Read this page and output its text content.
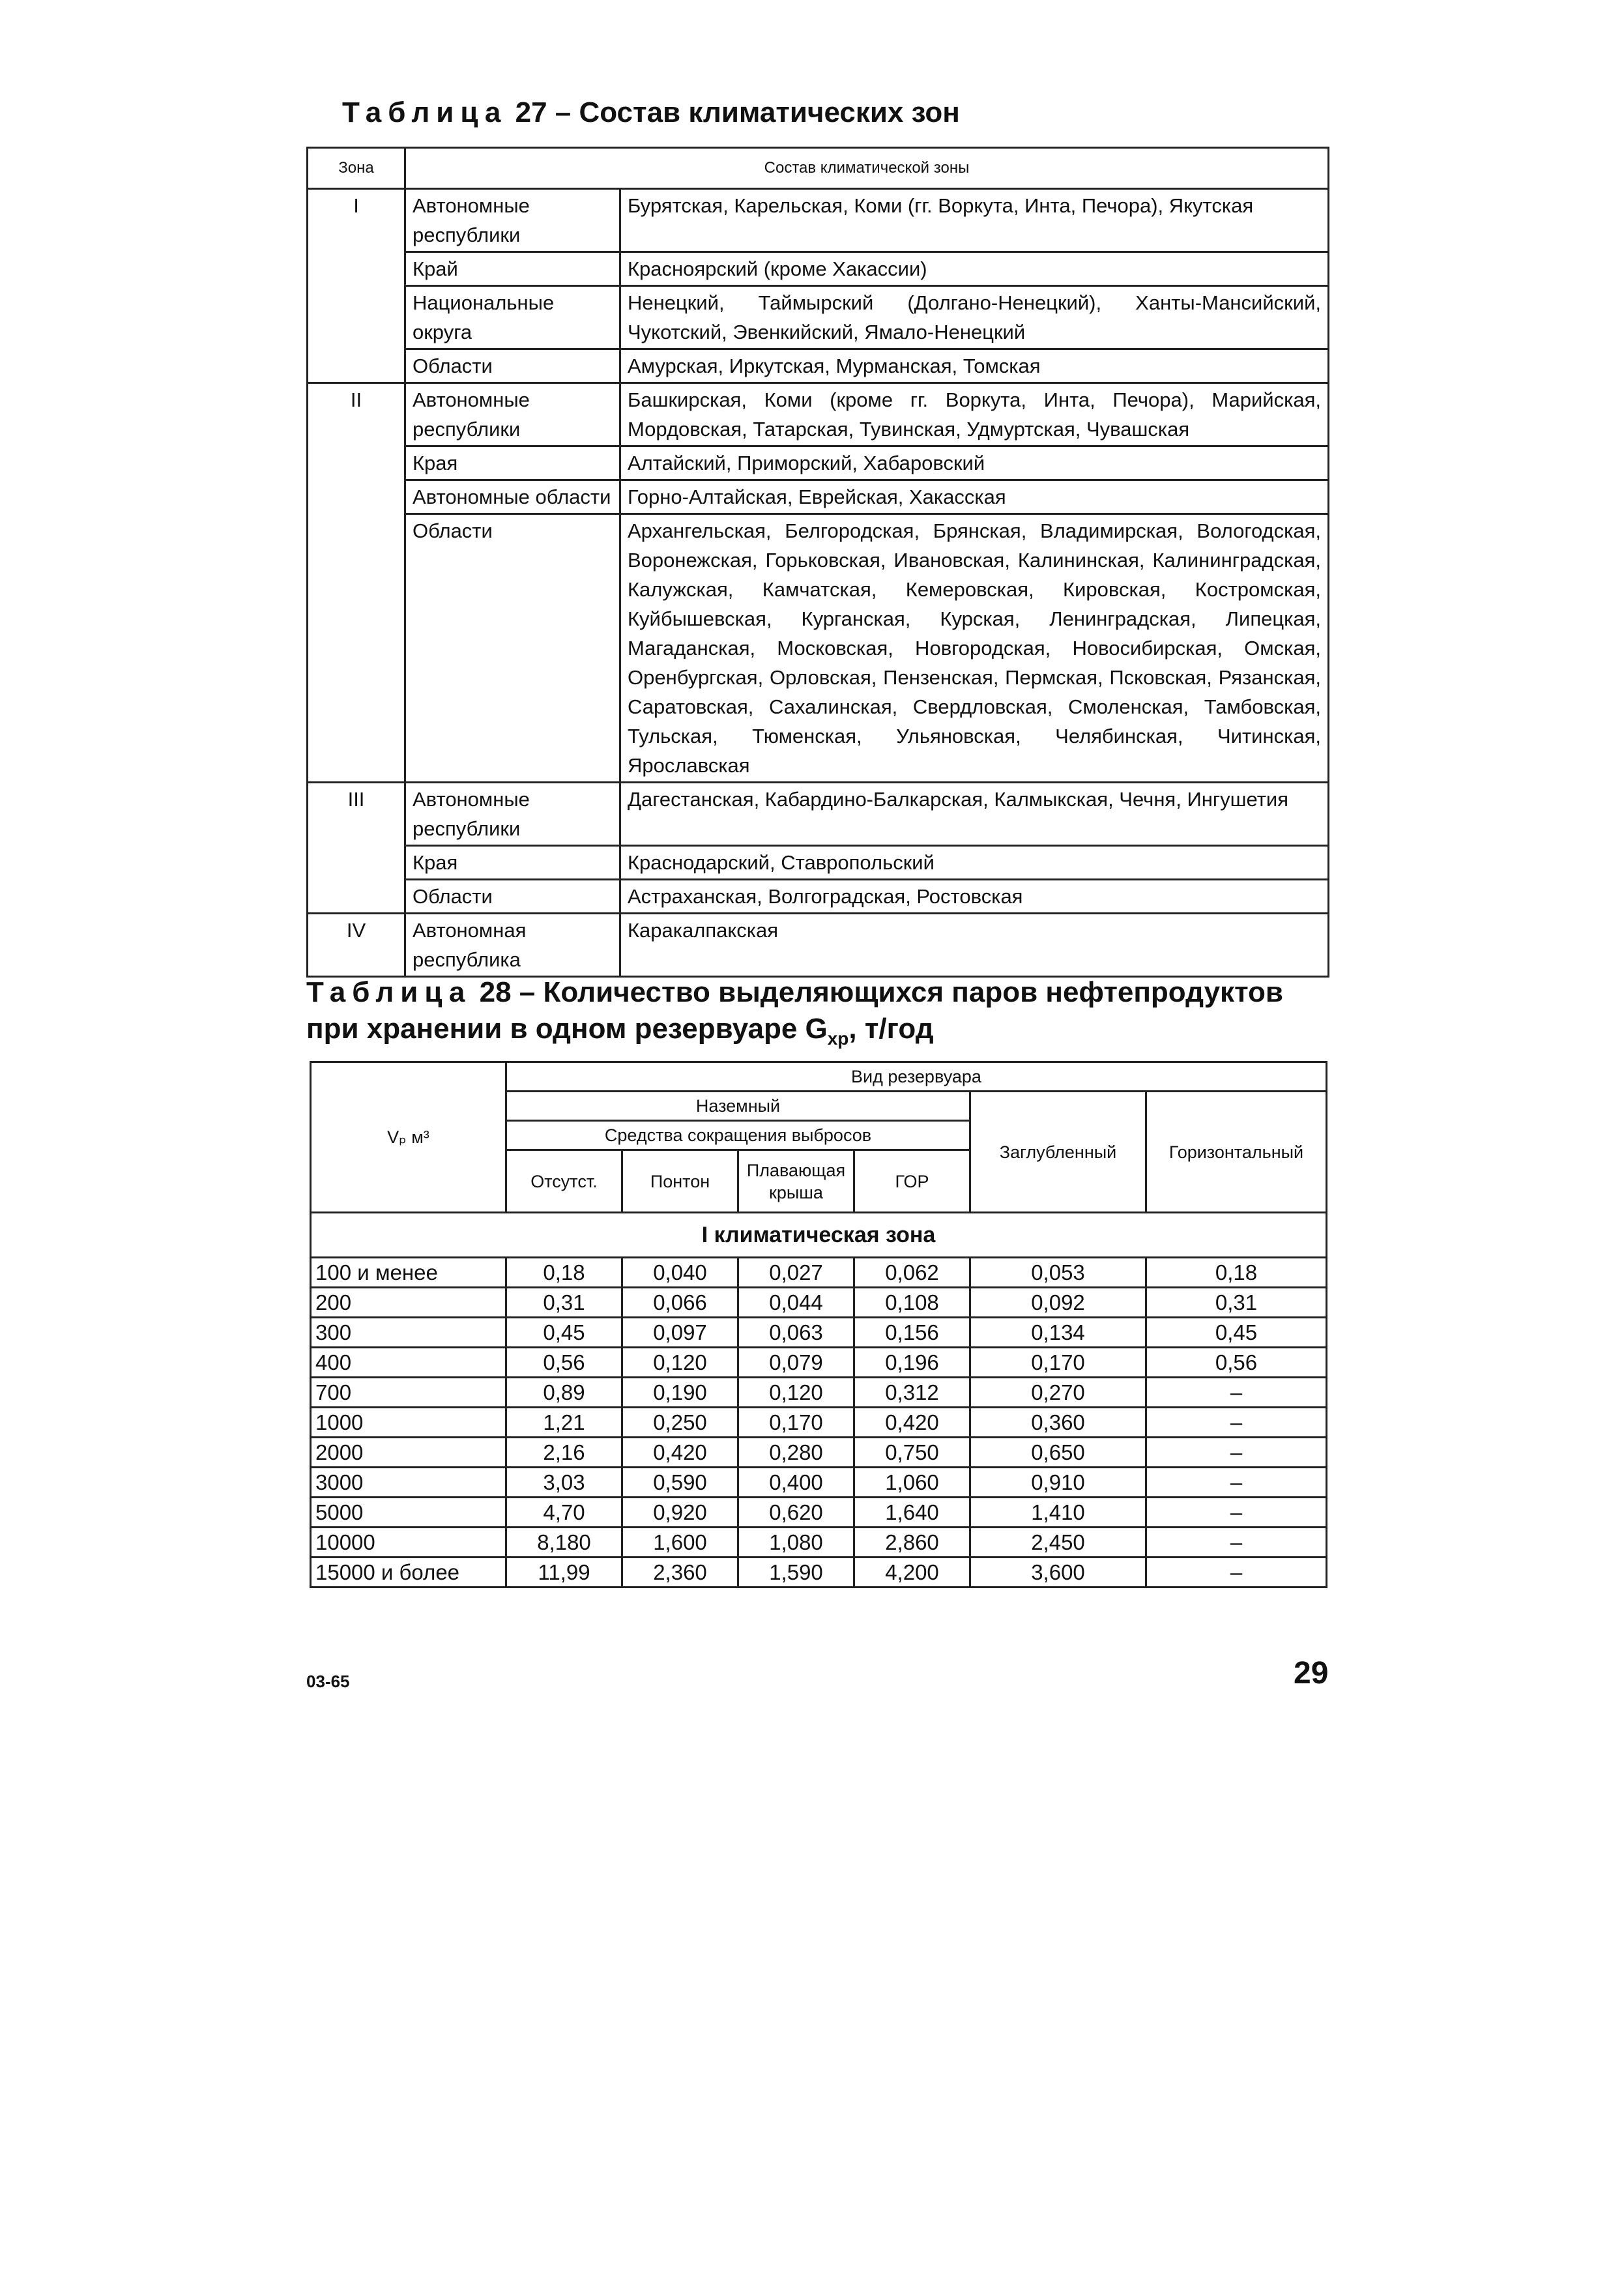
Таблица 27 – Состав климатических зон
Зона	Состав климатической зоны	
I	Автономные республики	Бурятская, Карельская, Коми (гг. Воркута, Инта, Печора), Якутская
	Край	Красноярский (кроме Хакассии)
	Национальные округа	Ненецкий, Таймырский (Долгано-Ненецкий), Ханты-Мансийский, Чукотский, Эвенкийский, Ямало-Ненецкий
	Области	Амурская, Иркутская, Мурманская, Томская
II	Автономные республики	Башкирская, Коми (кроме гг. Воркута, Инта, Печора), Марийская, Мордовская, Татарская, Тувинская, Удмуртская, Чувашская
	Края	Алтайский, Приморский, Хабаровский
	Автономные области	Горно-Алтайская, Еврейская, Хакасская
	Области	Архангельская, Белгородская, Брянская, Владимирская, Вологодская, Воронежская, Горьковская, Ивановская, Калининская, Калининградская, Калужская, Камчатская, Кемеровская, Кировская, Костромская, Куйбышевская, Курганская, Курская, Ленинградская, Липецкая, Магаданская, Московская, Новгородская, Новосибирская, Омская, Оренбургская, Орловская, Пензенская, Пермская, Псковская, Рязанская, Саратовская, Сахалинская, Свердловская, Смоленская, Тамбовская, Тульская, Тюменская, Ульяновская, Челябинская, Читинская, Ярославская
III	Автономные республики	Дагестанская, Кабардино-Балкарская, Калмыкская, Чечня, Ингушетия
	Края	Краснодарский, Ставропольский
	Области	Астраханская, Волгоградская, Ростовская
IV	Автономная республика	Каракалпакская
Таблица 28 – Количество выделяющихся паров нефтепродуктов
при хранении в одном резервуаре $G_{хр}$, т/год
Vₚ м³	Вид резервуара					
	Наземный				Заглубленный	Горизонтальный
	Средства сокращения выбросов					
	Отсутст.	Понтон	Плавающая крыша	ГОР		
I климатическая зона						
100 и менее	0,18	0,040	0,027	0,062	0,053	0,18
200	0,31	0,066	0,044	0,108	0,092	0,31
300	0,45	0,097	0,063	0,156	0,134	0,45
400	0,56	0,120	0,079	0,196	0,170	0,56
700	0,89	0,190	0,120	0,312	0,270	–
1000	1,21	0,250	0,170	0,420	0,360	–
2000	2,16	0,420	0,280	0,750	0,650	–
3000	3,03	0,590	0,400	1,060	0,910	–
5000	4,70	0,920	0,620	1,640	1,410	–
10000	8,180	1,600	1,080	2,860	2,450	–
15000 и более	11,99	2,360	1,590	4,200	3,600	–
03-65	29
